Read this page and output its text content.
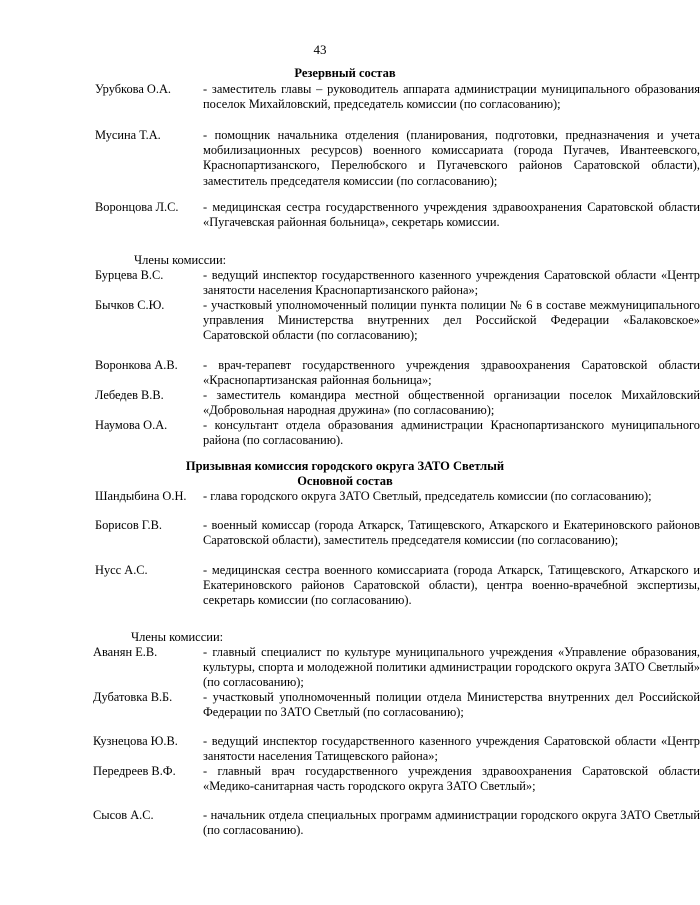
43
Резервный состав
Урубкова О.А.	- заместитель главы – руководитель аппарата администрации муниципального образования поселок Михайловский, председатель комиссии (по согласованию);
Мусина Т.А.	- помощник начальника отделения (планирования, подготовки, предназначения и учета мобилизационных ресурсов) военного комиссариата (города Пугачев, Ивантеевского, Краснопартизанского, Перелюбского и Пугачевского районов Саратовской области), заместитель председателя комиссии (по согласованию);
Воронцова Л.С. - медицинская сестра государственного учреждения здравоохранения Саратовской области «Пугачевская районная больница», секретарь комиссии.
Члены комиссии:
Бурцева В.С.	- ведущий инспектор государственного казенного учреждения Саратовской области «Центр занятости населения Краснопартизанского района»;
Бычков С.Ю.	- участковый уполномоченный полиции пункта полиции № 6 в составе межмуниципального управления Министерства внутренних дел Российской Федерации «Балаковское» Саратовской области (по согласованию);
Воронкова А.В. - врач-терапевт государственного учреждения здравоохранения Саратовской области «Краснопартизанская районная больница»;
Лебедев В.В.	- заместитель командира местной общественной организации поселок Михайловский «Добровольная народная дружина» (по согласованию);
Наумова О.А.	- консультант отдела образования администрации Краснопартизанского муниципального района (по согласованию).
Призывная комиссия городского округа ЗАТО Светлый
Основной состав
Шандыбина О.Н. - глава городского округа ЗАТО Светлый, председатель комиссии (по согласованию);
Борисов Г.В.	- военный комиссар (города Аткарск, Татищевского, Аткарского и Екатериновского районов Саратовской области), заместитель председателя комиссии (по согласованию);
Нусс А.С.	- медицинская сестра военного комиссариата (города Аткарск, Татищевского, Аткарского и Екатериновского районов Саратовской области), центра военно-врачебной экспертизы, секретарь комиссии (по согласованию).
Члены комиссии:
Аванян Е.В.	- главный специалист по культуре муниципального учреждения «Управление образования, культуры, спорта и молодежной политики администрации городского округа ЗАТО Светлый» (по согласованию);
Дубатовка В.Б. - участковый уполномоченный полиции отдела Министерства внутренних дел Российской Федерации по ЗАТО Светлый (по согласованию);
Кузнецова Ю.В. - ведущий инспектор государственного казенного учреждения Саратовской области «Центр занятости населения Татищевского района»;
Передреев В.Ф. - главный врач государственного учреждения здравоохранения Саратовской области «Медико-санитарная часть городского округа ЗАТО Светлый»;
Сысов А.С.	- начальник отдела специальных программ администрации городского округа ЗАТО Светлый (по согласованию).
